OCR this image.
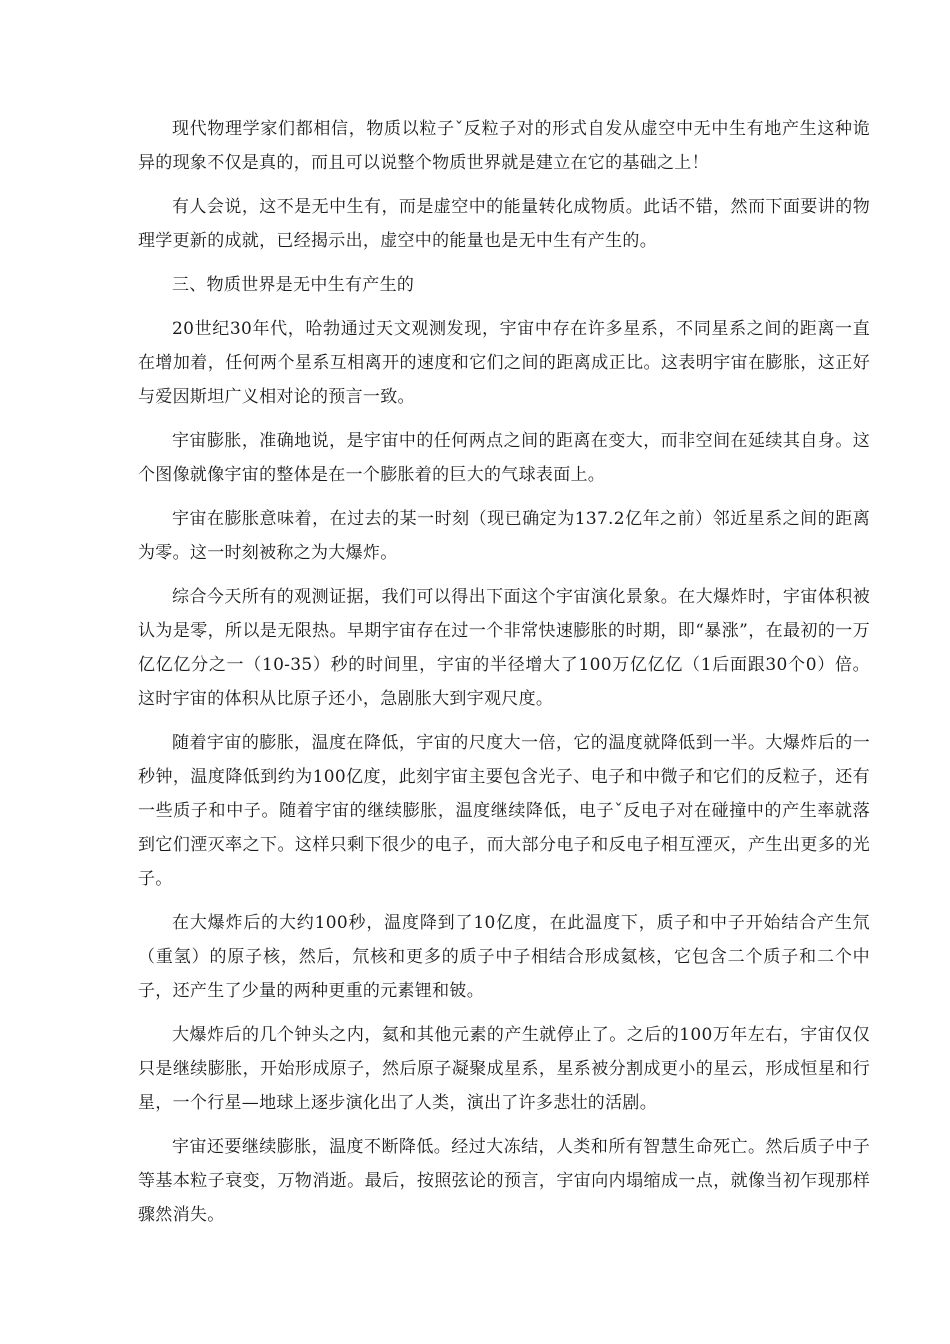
现代物理学家们都相信，物质以粒子ˇ反粒子对的形式自发从虚空中无中生有地产生这种诡异的现象不仅是真的，而且可以说整个物质世界就是建立在它的基础之上！

有人会说，这不是无中生有，而是虚空中的能量转化成物质。此话不错，然而下面要讲的物理学更新的成就，已经揭示出，虚空中的能量也是无中生有产生的。

三、物质世界是无中生有产生的

20世纪30年代，哈勃通过天文观测发现，宇宙中存在许多星系，不同星系之间的距离一直在增加着，任何两个星系互相离开的速度和它们之间的距离成正比。这表明宇宙在膨胀，这正好与爱因斯坦广义相对论的预言一致。

宇宙膨胀，准确地说，是宇宙中的任何两点之间的距离在变大，而非空间在延续其自身。这个图像就像宇宙的整体是在一个膨胀着的巨大的气球表面上。

宇宙在膨胀意味着，在过去的某一时刻（现已确定为137.2亿年之前）邻近星系之间的距离为零。这一时刻被称之为大爆炸。

综合今天所有的观测证据，我们可以得出下面这个宇宙演化景象。在大爆炸时，宇宙体积被认为是零，所以是无限热。早期宇宙存在过一个非常快速膨胀的时期，即“暴涨”，在最初的一万亿亿亿分之一（10-35）秒的时间里，宇宙的半径增大了100万亿亿亿（1后面跟30个0）倍。这时宇宙的体积从比原子还小，急剧胀大到宇观尺度。

随着宇宙的膨胀，温度在降低，宇宙的尺度大一倍，它的温度就降低到一半。大爆炸后的一秒钟，温度降低到约为100亿度，此刻宇宙主要包含光子、电子和中微子和它们的反粒子，还有一些质子和中子。随着宇宙的继续膨胀，温度继续降低，电子ˇ反电子对在碰撞中的产生率就落到它们湮灭率之下。这样只剩下很少的电子，而大部分电子和反电子相互湮灭，产生出更多的光子。

在大爆炸后的大约100秒，温度降到了10亿度，在此温度下，质子和中子开始结合产生氘（重氢）的原子核，然后，氘核和更多的质子中子相结合形成氦核，它包含二个质子和二个中子，还产生了少量的两种更重的元素锂和铍。

大爆炸后的几个钟头之内，氦和其他元素的产生就停止了。之后的100万年左右，宇宙仅仅只是继续膨胀，开始形成原子，然后原子凝聚成星系，星系被分割成更小的星云，形成恒星和行星，一个行星—地球上逐步演化出了人类，演出了许多悲壮的活剧。

宇宙还要继续膨胀，温度不断降低。经过大冻结，人类和所有智慧生命死亡。然后质子中子等基本粒子衰变，万物消逝。最后，按照弦论的预言，宇宙向内塌缩成一点，就像当初乍现那样骤然消失。
